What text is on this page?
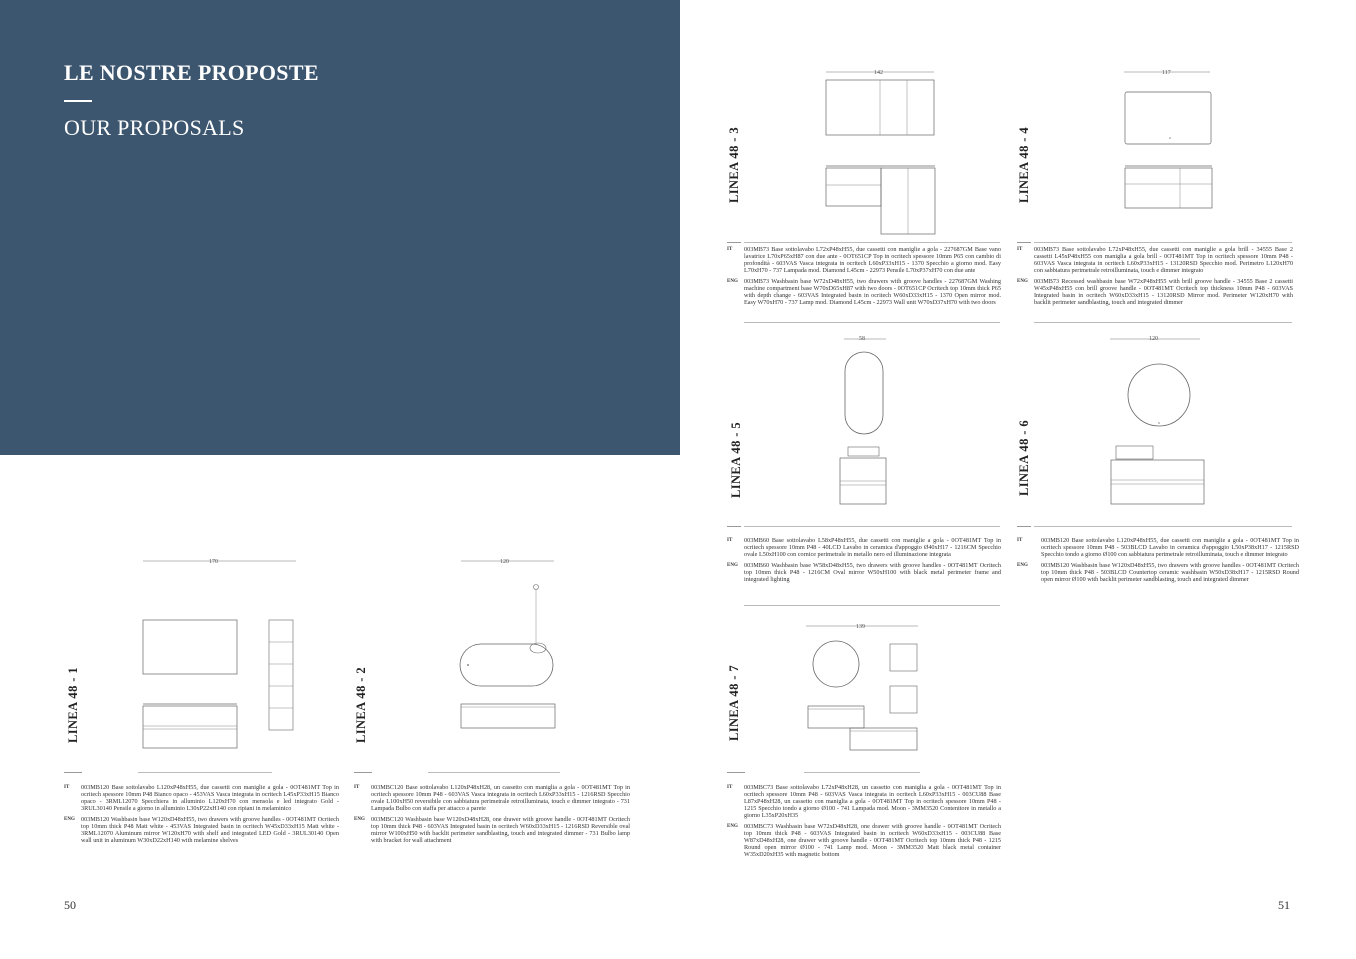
LE NOSTRE PROPOSTE
OUR PROPOSALS	LINEA 48 - 3
142
IT 003MB73 Base sottolavabo L72xP48xH55, due cassetti con maniglie a gola - 227687GM Base vano lavatrice L70xP65xH87 con due ante - 0OT651CP Top in ocritech spessore 10mm P65 con cambio di profondità - 603VAS Vasca integrata in ocritech L60xP33xH15 - 1370 Specchio a giorno mod. Easy L70xH70 - 737 Lampada mod. Diamond L45cm - 22973 Pensile L70xP37xH70 con due ante
ENG 003MB73 Washbasin base W72xD48xH55, two drawers with groove handles - 227687GM Washing machine compartment base W70xD65xH87 with two doors - 0OT651CP Ocritech top 10mm thick P65 with depth change - 603VAS Integrated basin in ocritech W60xD33xH15 - 1370 Open mirror mod. Easy W70xH70 - 737 Lamp mod. Diamond L45cm - 22973 Wall unit W70xD37xH70 with two doors
LINEA 48 - 4
117
IT 003MB73 Base sottolavabo L72xP48xH55, due cassetti con maniglie a gola brill - 34555 Base 2 cassetti L45xP48xH55 con maniglia a gola brill - 0OT481MT Top in ocritech spessore 10mm P48 - 603VAS Vasca integrata in ocritech L60xP33xH15 - 13120RSD Specchio mod. Perimetro L120xH70 con sabbiatura perimetrale retroilluminata, touch e dimmer integrato
ENG 003MB73 Recessed washbasin base W72xP48xH55 with brill groove handle - 34555 Base 2 cassetti W45xP48xH55 con brill groove handle - 0OT481MT Ocritech top thickness 10mm P48 - 603VAS Integrated basin in ocritech W60xD33xH15 - 13120RSD Mirror mod. Perimeter W120xH70 with backlit perimeter sandblasting, touch and integrated dimmer
LINEA 48 - 5
58
IT 003MB60 Base sottolavabo L58xP48xH55, due cassetti con maniglie a gola - 0OT481MT Top in ocritech spessore 10mm P48 - 40LCD Lavabo in ceramica d'appoggio Ø40xH17 - 1216CM Specchio ovale L50xH100 con cornice perimetrale in metallo nero ed illuminazione integrata
ENG 003MB60 Washbasin base W58xD48xH55, two drawers with groove handles - 0OT481MT Ocritech top 10mm thick P48 - 1216CM Oval mirror W50xH100 with black metal perimeter frame and integrated lighting
LINEA 48 - 6
120
IT	003MB120 Base sottolavabo L120xP48xH55, due cassetti con maniglie a gola - 0OT481MT Top in ocritech spessore 10mm P48 - 503BLCD Lavabo in ceramica d'appoggio L50xP38xH17 - 1215RSD Specchio tondo a giorno Ø100 con sabbiatura perimetrale retroilluminata, touch e dimmer integrato
ENG 003MB120 Washbasin base W120xD48xH55, two drawers with groove handles - 0OT481MT Ocritech top 10mm thick P48 - 503BLCD Countertop ceramic washbasin W50xD38xH17 - 1215RSD Round open mirror Ø100 with backlit perimeter sandblasting, touch and integrated dimmer
LINEA 48 - 1
170
IT 003MB120 Base sottolavabo L120xP48xH55, due cassetti con maniglie a gola - 0OT481MT Top in ocritech spessore 10mm P48 Bianco opaco - 453VAS Vasca integrata in ocritech L45xP33xH15 Bianco opaco - 3RML12070 Specchiera in alluminio L120xH70 con mensola e led integrato Gold - 3RUL30140 Pensile a giorno in alluminio L30xP22xH140 con ripiani in melaminico
ENG 003MB120 Washbasin base W120xD48xH55, two drawers with groove handles - 0OT481MT Ocritech top 10mm thick P48 Matt white - 453VAS Integrated basin in ocritech W45xD33xH15 Matt white - 3RML12070 Aluminum mirror W120xH70 with shelf and integrated LED Gold - 3RUL30140 Open wall unit in aluminum W30xD22xH140 with melamine shelves
LINEA 48 - 2
120
IT 003MBC120 Base sottolavabo L120xP48xH28, un cassetto con maniglia a gola - 0OT481MT Top in ocritech spessore 10mm P48 - 603VAS Vasca integrata in ocritech L60xP33xH15 - 1216RSD Specchio ovale L100xH50 reversibile con sabbiatura perimetrale retroilluminata, touch e dimmer integrato - 731 Lampada Bulbo con staffa per attacco a parete
ENG 003MBC120 Washbasin base W120xD48xH28, one drawer with groove handle - 0OT481MT Ocritech top 10mm thick P48 - 603VAS Integrated basin in ocritech W60xD33xH15 - 1216RSD Reversible oval mirror W100xH50 with backlit perimeter sandblasting, touch and integrated dimmer - 731 Bulbo lamp with bracket for wall attachment
LINEA 48 - 7
139
IT 003MBC73 Base sottolavabo L72xP48xH28, un cassetto con maniglia a gola - 0OT481MT Top in ocritech spessore 10mm P48 - 603VAS Vasca integrata in ocritech L60xP33xH15 - 003CU88 Base L87xP48xH28, un cassetto con maniglia a gola - 0OT481MT Top in ocritech spessore 10mm P48 - 1215 Specchio tondo a giorno Ø100 - 741 Lampada mod. Moon - 3MM3520 Contenitore in metallo a giorno L35xP20xH35
ENG 003MBC73 Washbasin base W72xD48xH28, one drawer with groove handle - 0OT481MT Ocritech top 10mm thick P48 - 603VAS Integrated basin in ocritech W60xD33xH15 - 003CU88 Base W87xD48xH28, one drawer with groove handle - 0OT481MT Ocritech top 10mm thick P48 - 1215 Round open mirror Ø100 - 741 Lamp mod. Moon - 3MM3520 Matt black metal container W35xD20xH35 with magnetic bottom
50	51
